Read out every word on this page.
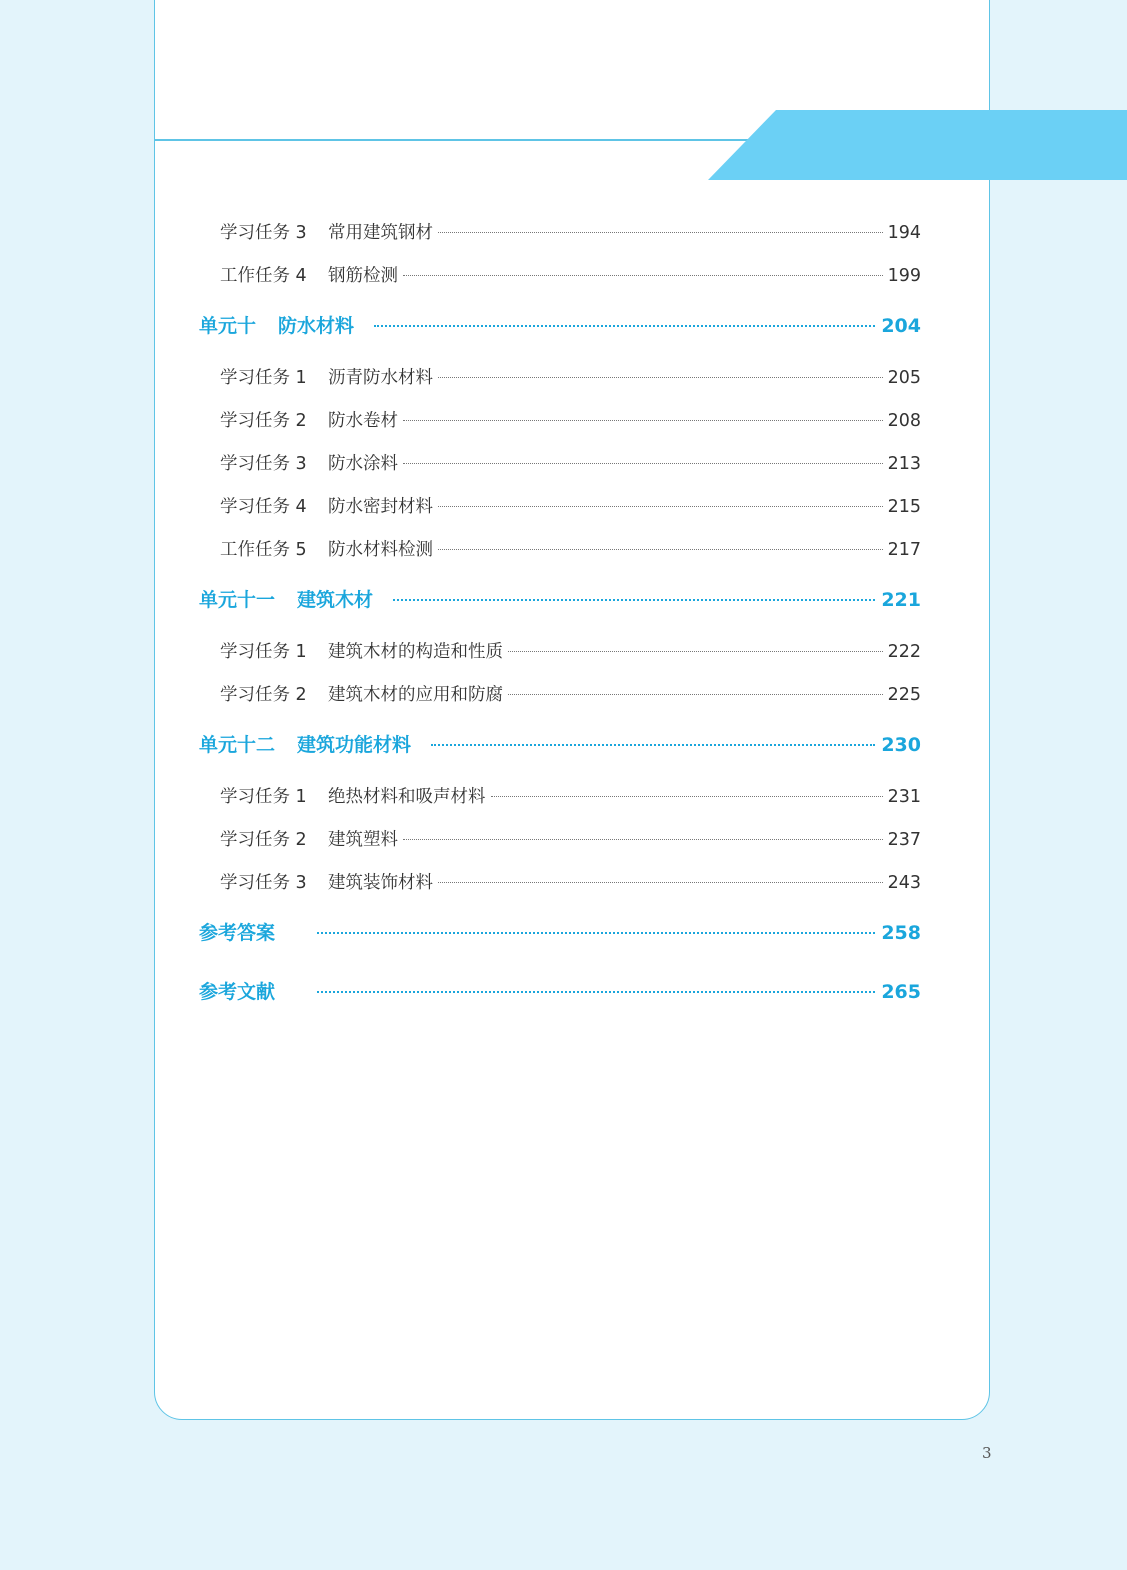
学习任务 3	常用建筑钢材	194
工作任务 4	钢筋检测	199
单元十 防水材料	204
学习任务 1	沥青防水材料	205
学习任务 2	防水卷材	208
学习任务 3	防水涂料	213
学习任务 4	防水密封材料	215
工作任务 5	防水材料检测	217
单元十一 建筑木材	221
学习任务 1	建筑木材的构造和性质	222
学习任务 2	建筑木材的应用和防腐	225
单元十二 建筑功能材料	230
学习任务 1	绝热材料和吸声材料	231
学习任务 2	建筑塑料	237
学习任务 3	建筑装饰材料	243
参考答案	258
参考文献	265
3
